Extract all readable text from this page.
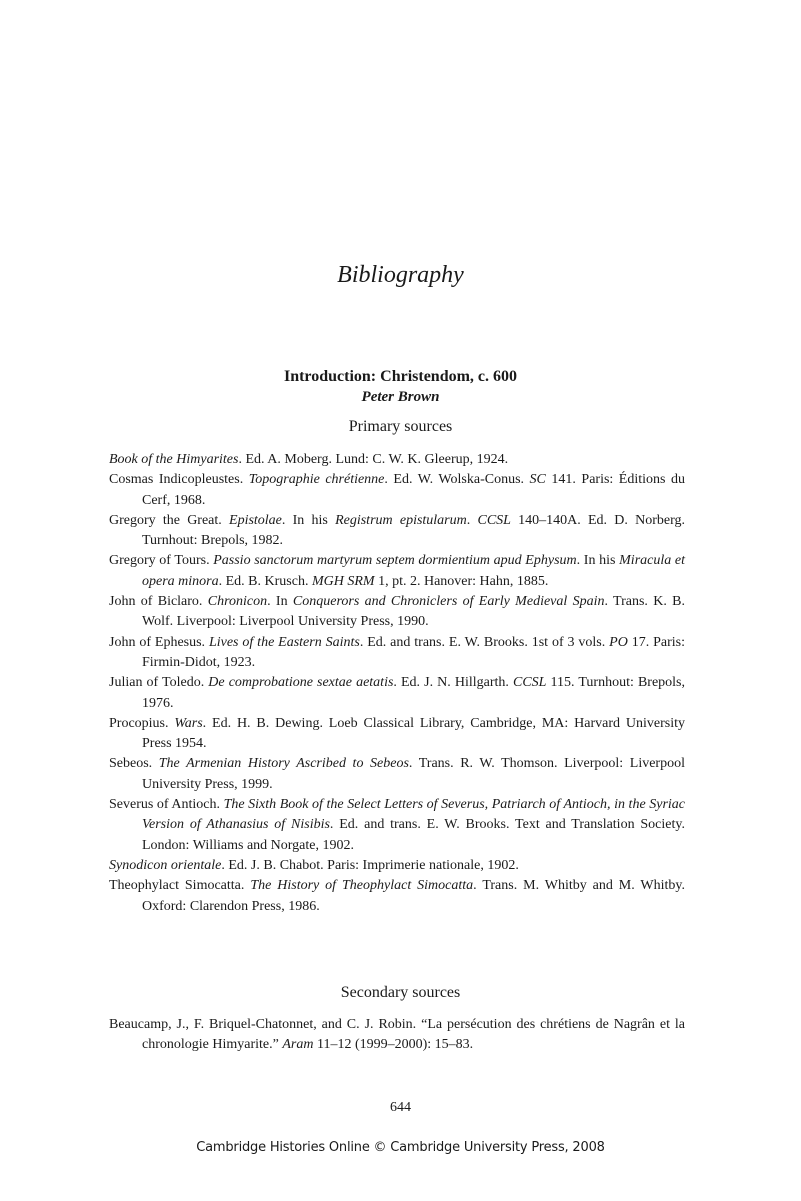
Bibliography
Introduction: Christendom, c. 600
Peter Brown
Primary sources

Book of the Himyarites. Ed. A. Moberg. Lund: C. W. K. Gleerup, 1924.

Cosmas Indicopleustes. Topographie chrétienne. Ed. W. Wolska-Conus. SC 141. Paris: Éditions du Cerf, 1968.

Gregory the Great. Epistolae. In his Registrum epistularum. CCSL 140–140A. Ed. D. Norberg. Turnhout: Brepols, 1982.

Gregory of Tours. Passio sanctorum martyrum septem dormientium apud Ephysum. In his Miracula et opera minora. Ed. B. Krusch. MGH SRM 1, pt. 2. Hanover: Hahn, 1885.

John of Biclaro. Chronicon. In Conquerors and Chroniclers of Early Medieval Spain. Trans. K. B. Wolf. Liverpool: Liverpool University Press, 1990.

John of Ephesus. Lives of the Eastern Saints. Ed. and trans. E. W. Brooks. 1st of 3 vols. PO 17. Paris: Firmin-Didot, 1923.

Julian of Toledo. De comprobatione sextae aetatis. Ed. J. N. Hillgarth. CCSL 115. Turnhout: Brepols, 1976.

Procopius. Wars. Ed. H. B. Dewing. Loeb Classical Library, Cambridge, MA: Harvard University Press 1954.

Sebeos. The Armenian History Ascribed to Sebeos. Trans. R. W. Thomson. Liverpool: Liverpool University Press, 1999.

Severus of Antioch. The Sixth Book of the Select Letters of Severus, Patriarch of Antioch, in the Syriac Version of Athanasius of Nisibis. Ed. and trans. E. W. Brooks. Text and Translation Society. London: Williams and Norgate, 1902.

Synodicon orientale. Ed. J. B. Chabot. Paris: Imprimerie nationale, 1902.

Theophylact Simocatta. The History of Theophylact Simocatta. Trans. M. Whitby and M. Whitby. Oxford: Clarendon Press, 1986.

Secondary sources

Beaucamp, J., F. Briquel-Chatonnet, and C. J. Robin. “La persécution des chrétiens de Nagrân et la chronologie Himyarite.” Aram 11–12 (1999–2000): 15–83.

644
Cambridge Histories Online © Cambridge University Press, 2008
